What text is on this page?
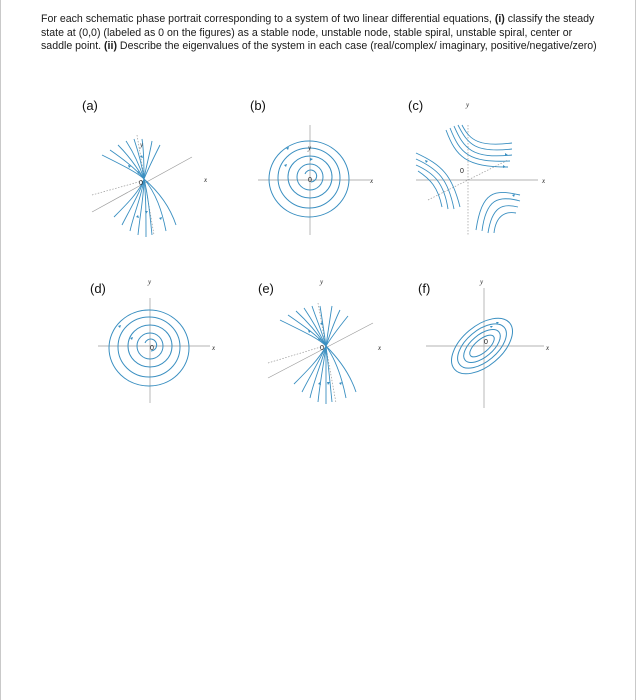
For each schematic phase portrait corresponding to a system of two linear differential equations, (i) classify the steady state at (0,0) (labeled as 0 on the figures) as a stable node, unstable node, stable spiral, unstable spiral, center or saddle point. (ii) Describe the eigenvalues of the system in each case (real/complex/ imaginary, positive/negative/zero)
(a)
y
x
0
(b)
y
x
0
(c)	y
x
0
(d)	y
x
0
(e)	y
x
0
(f)	y
x
0
